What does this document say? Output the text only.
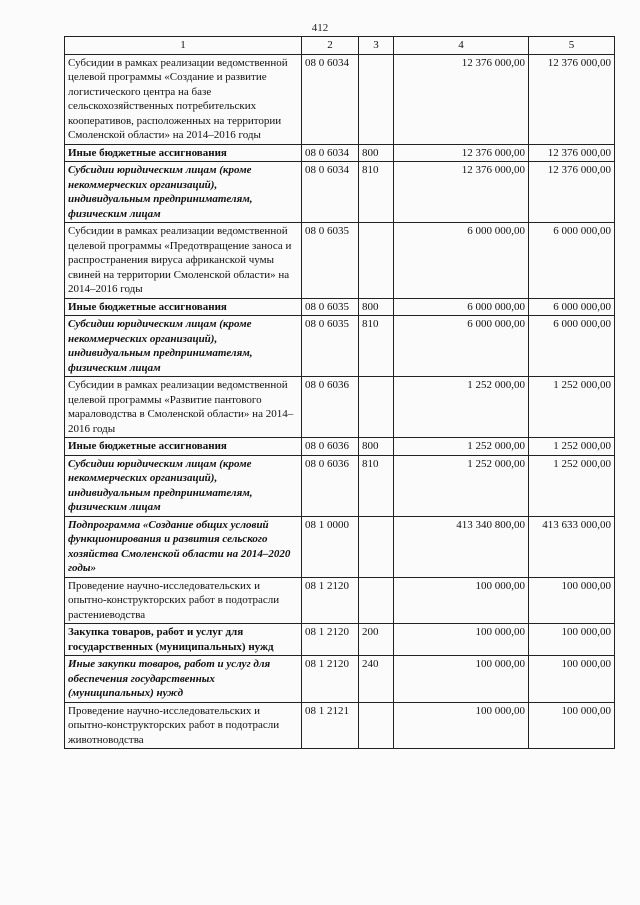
412
1	2	3	4	5
Субсидии в рамках реализации ведомственной целевой программы «Создание и развитие логистического центра на базе сельскохозяйственных потребительских кооперативов, расположенных на территории Смоленской области» на 2014–2016 годы	08 0 6034		12 376 000,00	12 376 000,00
Иные бюджетные ассигнования	08 0 6034	800	12 376 000,00	12 376 000,00
Субсидии юридическим лицам (кроме некоммерческих организаций), индивидуальным предпринимателям, физическим лицам	08 0 6034	810	12 376 000,00	12 376 000,00
Субсидии в рамках реализации ведомственной целевой программы «Предотвращение заноса и распространения вируса африканской чумы свиней на территории Смоленской области» на 2014–2016 годы	08 0 6035		6 000 000,00	6 000 000,00
Иные бюджетные ассигнования	08 0 6035	800	6 000 000,00	6 000 000,00
Субсидии юридическим лицам (кроме некоммерческих организаций), индивидуальным предпринимателям, физическим лицам	08 0 6035	810	6 000 000,00	6 000 000,00
Субсидии в рамках реализации ведомственной целевой программы «Развитие пантового мараловодства в Смоленской области» на 2014–2016 годы	08 0 6036		1 252 000,00	1 252 000,00
Иные бюджетные ассигнования	08 0 6036	800	1 252 000,00	1 252 000,00
Субсидии юридическим лицам (кроме некоммерческих организаций), индивидуальным предпринимателям, физическим лицам	08 0 6036	810	1 252 000,00	1 252 000,00
Подпрограмма «Создание общих условий функционирования и развития сельского хозяйства Смоленской области на 2014–2020 годы»	08 1 0000		413 340 800,00	413 633 000,00
Проведение научно-исследовательских и опытно-конструкторских работ в подотрасли растениеводства	08 1 2120		100 000,00	100 000,00
Закупка товаров, работ и услуг для государственных (муниципальных) нужд	08 1 2120	200	100 000,00	100 000,00
Иные закупки товаров, работ и услуг для обеспечения государственных (муниципальных) нужд	08 1 2120	240	100 000,00	100 000,00
Проведение научно-исследовательских и опытно-конструкторских работ в подотрасли животноводства	08 1 2121		100 000,00	100 000,00
